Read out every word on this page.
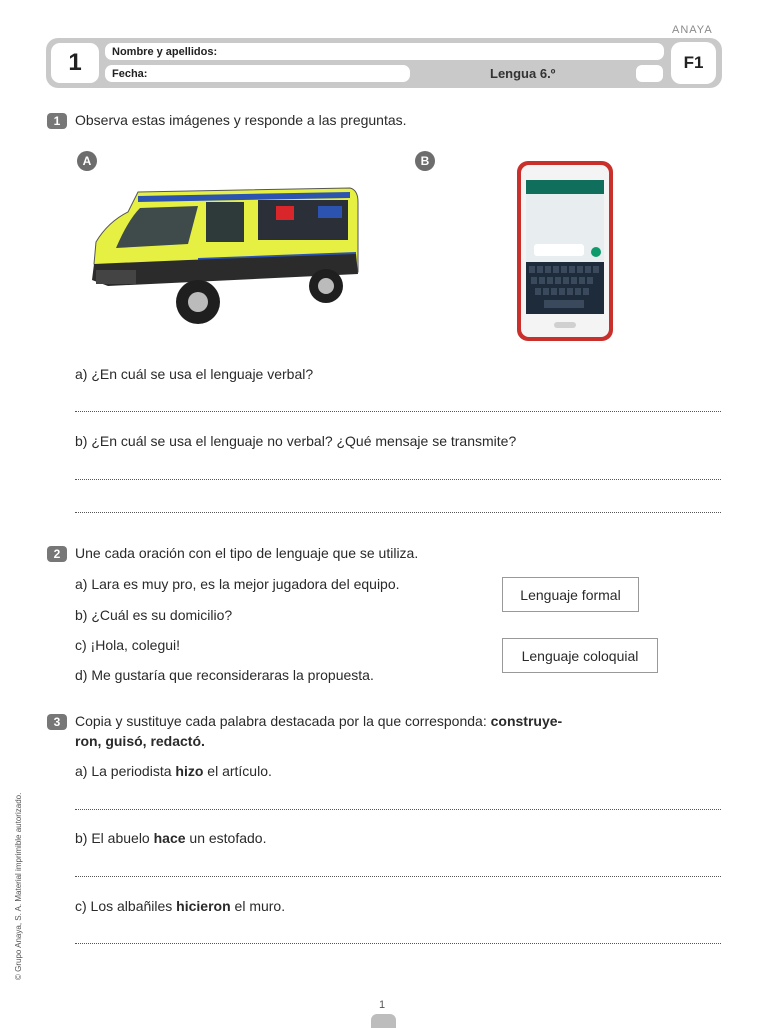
ANAYA
1	Nombre y apellidos:
Fecha:	Lengua 6.º
F1
1	Observa estas imágenes y responde a las preguntas.
A	B
a) ¿En cuál se usa el lenguaje verbal?
b) ¿En cuál se usa el lenguaje no verbal? ¿Qué mensaje se transmite?
2	Une cada oración con el tipo de lenguaje que se utiliza.
a) Lara es muy pro, es la mejor jugadora del equipo.
b) ¿Cuál es su domicilio?
c) ¡Hola, colegui!
d) Me gustaría que reconsideraras la propuesta.
Lenguaje formal
Lenguaje coloquial
3	Copia y sustituye cada palabra destacada por la que corresponda: construye-
ron, guisó, redactó.
a) La periodista hizo el artículo.
b) El abuelo hace un estofado.
c) Los albañiles hicieron el muro.
© Grupo Anaya, S. A. Material imprimible autorizado.
1
